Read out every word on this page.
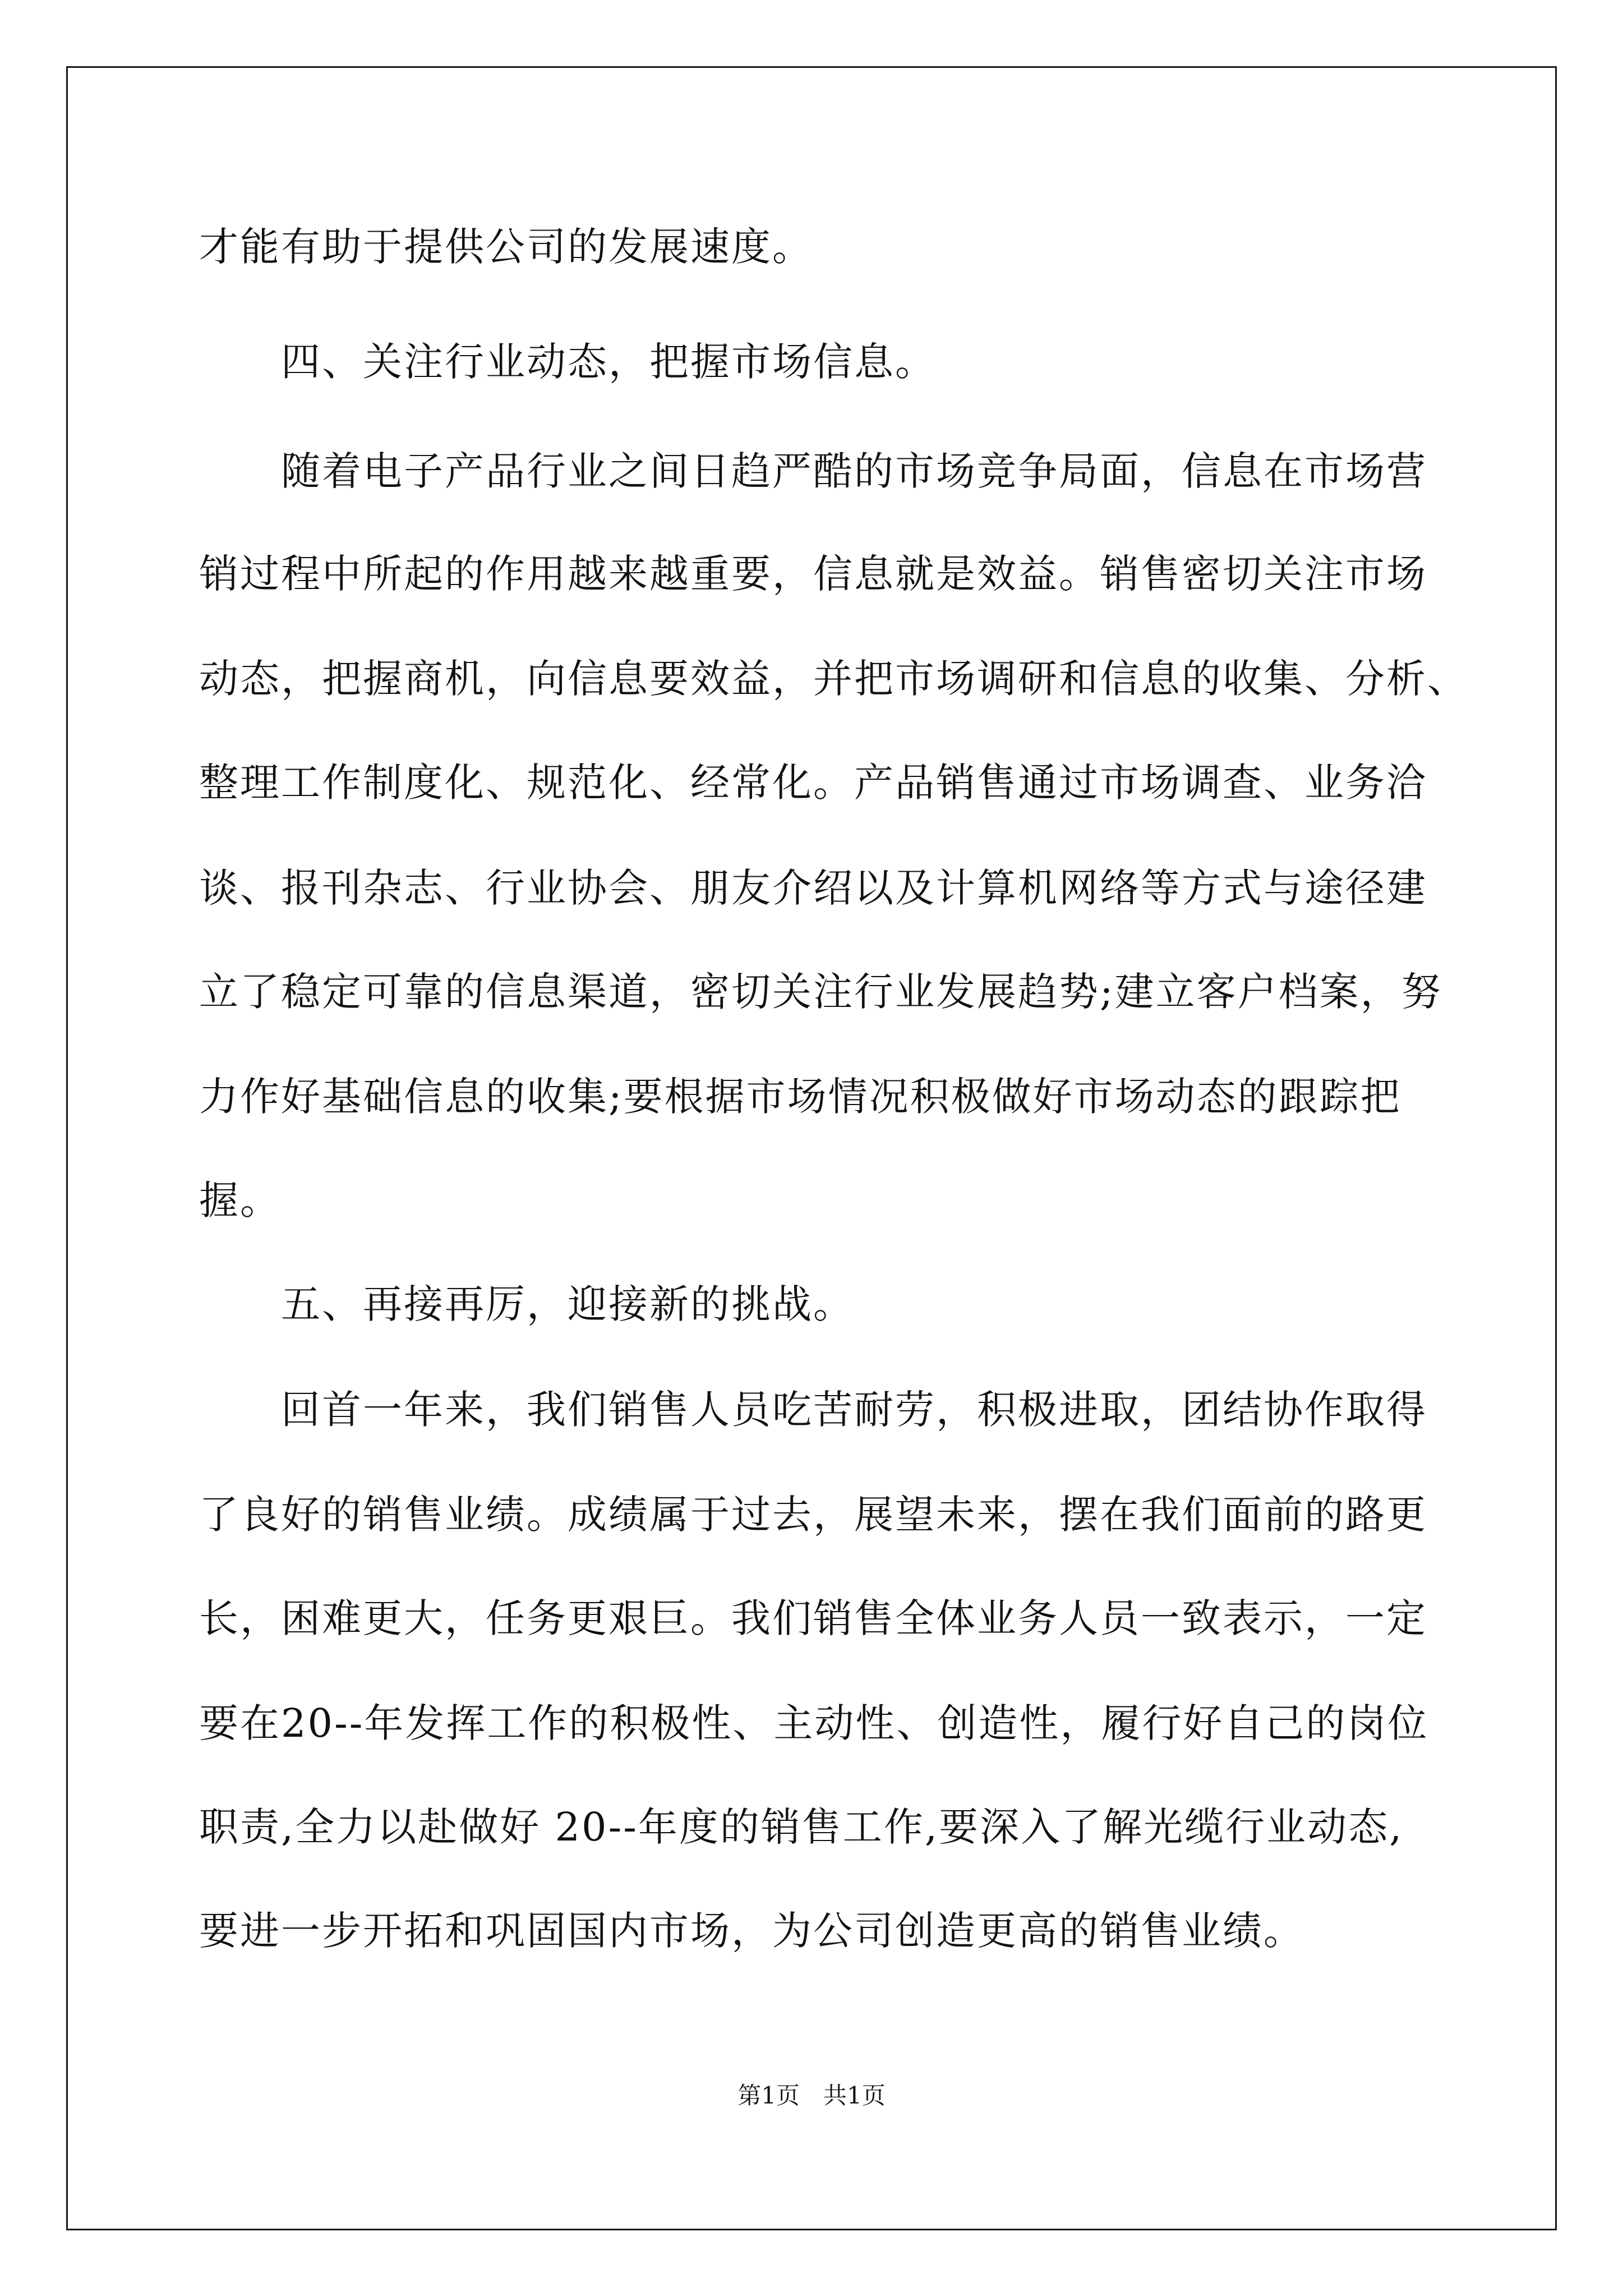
才能有助于提供公司的发展速度。
　　四、关注行业动态，把握市场信息。
　　随着电子产品行业之间日趋严酷的市场竞争局面，信息在市场营
销过程中所起的作用越来越重要，信息就是效益。销售密切关注市场
动态，把握商机，向信息要效益，并把市场调研和信息的收集、分析、
整理工作制度化、规范化、经常化。产品销售通过市场调查、业务洽
谈、报刊杂志、行业协会、朋友介绍以及计算机网络等方式与途径建
立了稳定可靠的信息渠道，密切关注行业发展趋势;建立客户档案，努
力作好基础信息的收集;要根据市场情况积极做好市场动态的跟踪把
握。
　　五、再接再厉，迎接新的挑战。
　　回首一年来，我们销售人员吃苦耐劳，积极进取，团结协作取得
了良好的销售业绩。成绩属于过去，展望未来，摆在我们面前的路更
长，困难更大，任务更艰巨。我们销售全体业务人员一致表示，一定
要在20--年发挥工作的积极性、主动性、创造性，履行好自己的岗位
职责,全力以赴做好 20--年度的销售工作,要深入了解光缆行业动态,
要进一步开拓和巩固国内市场，为公司创造更高的销售业绩。
第1页　共1页
